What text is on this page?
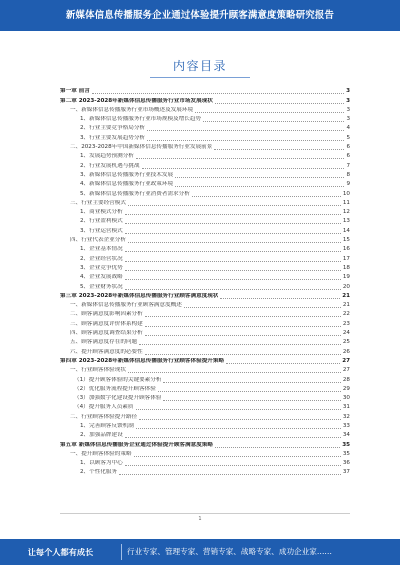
新媒体信息传播服务企业通过体验提升顾客满意度策略研究报告
内容目录
第一章 前言	3
第二章 2023-2028年新媒体信息传播服务行业市场发展现状	3
一、新媒体信息传播服务行业市场概述及发展环境	3
1、新媒体信息传播服务行业市场规模及增长趋势	3
2、行业主要竞争格局分析	4
3、行业主要发展趋势分析	5
二、2023-2028年中国新媒体信息传播服务行业发展前景	6
1、发展趋势预测分析	6
2、行业发展机遇与挑战	7
3、新媒体信息传播服务行业技术发展	8
4、新媒体信息传播服务行业政策环境	9
5、新媒体信息传播服务行业消费者需求分析	10
三、行业主要经营模式	11
1、商业模式分析	12
2、行业盈利模式	13
3、行业运营模式	14
四、行业代表企业分析	15
1、企业基本情况	16
2、企业经营状况	17
3、企业竞争优势	18
4、企业发展战略	19
5、企业财务状况	20
第三章 2023-2028年新媒体信息传播服务行业顾客满意度现状	21
一、新媒体信息传播服务行业顾客满意度概述	21
二、顾客满意度影响因素分析	22
三、顾客满意度评价体系构建	23
四、顾客满意度调查结果分析	24
五、顾客满意度存在的问题	25
六、提升顾客满意度的必要性	26
第四章 2023-2028年新媒体信息传播服务行业顾客体验提升策略	27
一、行业顾客体验现状	27
（1）提升顾客体验的关键要素分析	28
（2）优化服务流程提升顾客体验	29
（3）加强数字化建设提升顾客体验	30
（4）提升服务人员素质	31
二、行业顾客体验提升路径	32
1、完善顾客反馈机制	33
2、加强品牌建设	34
第五章 新媒体信息传播服务企业通过体验提升顾客满意度策略	35
一、提升顾客体验的策略	35
1、以顾客为中心	36
2、个性化服务	37
1
让每个人都有成长	行业专家、管理专家、营销专家、战略专家、成功企业家……
